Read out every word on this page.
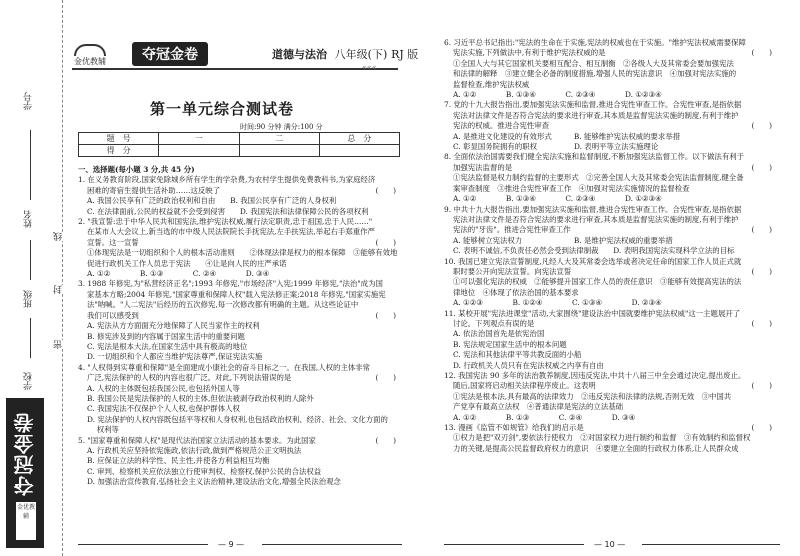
学号
姓名
班级
学校
线
封
密
夺冠金卷
金优教辅
金优教辅	夺冠金卷	道德与法治 八年级(下) RJ 版
«««
第一单元综合测试卷
时间:90 分钟 满分:100 分
题　号	一	二	总　分
得　分			

一、选择题(每小题 3 分,共 45 分)

1. 在义务教育阶段,国家免除城乡所有学生的学杂费,为农村学生提供免费教科书,为家庭经济

困难的寄宿生提供生活补助……这反映了	(　　)

A. 我国公民享有广泛的政治权利和自由　　B. 我国公民享有广泛的人身权利

C. 在法律面前,公民的权益就不会受到侵害　　D. 我国宪法和法律保障公民的各项权利

2. "我宣誓:忠于中华人民共和国宪法,维护宪法权威,履行法定职责,忠于祖国,忠于人民……"

在某市人大会议上,新当选的市中级人民法院院长手抚宪法,左手扶宪法,举起右手郑重作严

宣誓。这一宣誓	(　　)

①体现宪法是一切组织和个人的根本活动准则　　②体现法律是权力的根本保障　③能够有效地

促进行政机关工作人员忠于宪法　　④让是向人民的庄严承诺

A. ①②　　　　B. ①③　　　　C. ②④　　　　D. ③④

3. 1988 年修宪,为"私营经济正名";1993 年修宪,"市场经济"入宪;1999 年修宪,"法治"成为国

家基本方略;2004 年修宪,"国家尊重和保障人权"载入宪法修正案;2018 年修宪,"国家实施宪

法"呐喊。"人二宪法"后经历的五次修宪,每一次修改都有明确的主题。从这些论证中

我们可以感受到	(　　)

A. 宪法从方方面面充分地保障了人民当家作主的权利

B. 修宪涉及到的内容属于国家生活中的重要问题

C. 宪法是根本大法,在国家生活中具有极高的地位

D. 一切组织和个人都应当维护宪法尊严,保证宪法实施

4. "人权得到实尊重和保障"是全面建成小康社会的奋斗目标之一。在我国,人权的主体非常

广泛,宪法保护的人权的内容也很广泛。对此,下列说法错误的是	(　　)

A. 人权的主体既包括我国公民,也包括外国人等

B. 我国公民是宪法保护的人权的主体,但依法被剥夺政治权利的人除外

C. 我国宪法不仅保护个人人权,也保护群体人权

D. 宪法保护的人权内容既包括平等权和人身权利,也包括政治权利、经济、社会、文化方面的

　 权利等

5. "国家尊重和保障人权"是现代法治国家立法活动的基本要求。为此国家	(　　)

A. 行政机关应坚持依宪施政,依法行政,做到严格规范公正文明执法

B. 应保证立法的科学性、民主性,并使各方利益相互均衡

C. 审判、检察机关应依法独立行使审判权、检察权,保护公民的合法权益

D. 加强法治宣传教育,弘扬社会主义法治精神,建设法治文化,增强全民法治观念

6. 习近平总书记指出:"宪法的生命在于实施,宪法的权威也在于实施。"维护宪法权威需要保障

宪法实施,下列做法中,有利于维护宪法权威的是	(　　)

①全国人大与其它国家机关要相互配合、相互制衡　②各级人大及其常委会要加强宪法

和法律的解释　③建立健全必备的制度措施,增强人民的宪法意识　④加强对宪法实施的

监督检查,维护宪法权威

A. ①②　　　　B. ①③④　　　　C. ②③④　　　　D. ①②③④

7. 党的十九大报告指出,要加强宪法实施和监督,推进合宪性审查工作。合宪性审查,是指依据

宪法对法律文件是否符合宪法的要求进行审查,其本质是监督宪法实施的制度,有利于维护

宪法的权威。推进合宪性审查	(　　)

A. 是推进文化建设的有效形式　　　B. 能够维护宪法权威的要求举措

C. 彰显国务院拥有的职权　　　　　D. 表明平等立法实施理论

8. 全面依法治国需要我们健全宪法实施和监督制度,不断加强宪法监督工作。以下做法有利于

加强宪法监督的是	(　　)

①宪法监督是权力制约监督的主要形式　②完善全国人大及其常委会宪法监督制度,健全备

案审查制度　③推进合宪性审查工作　④加强对宪法实施情况的监督检查

A. ①②　　　　B. ①③④　　　　C. ②③④　　　　D. ①②③④

9. 中共十九大报告指出,要加强宪法实施和监督,推进合宪性审查工作。合宪性审查,是指依据

宪法对法律文件是否符合宪法的要求进行审查,其本质是监督宪法实施的制度,有利于维护

宪法的"牙齿"。推进合宪性审查工作	(　　)

A. 能够树立宪法权力　　　　　　　B. 是维护宪法权威的重要举措

C. 表明不诚信,不负责任必然会受到法律制裁　　D. 表明我国宪法实现科学立法的目标

10. 我国已建立宪法宣誓制度,凡经人大及其常委会选举或者决定任命的国家工作人员正式就

职时要公开向宪法宣誓。向宪法宣誓	(　　)

①可以强化宪法的权威　②能够提升国家工作人员的责任意识　③能够有效提高宪法的法

律地位　④体现了依法治国的基本要求

A. ①②③　　　　B. ①②④　　　　C. ①③④　　　　D. ②③④

11. 某校开展"宪法进课堂"活动,大家围绕"建设法治中国就要维护宪法权威"这一主题展开了

讨论。下列观点有误的是	(　　)

A. 依法治国首先是依宪治国

B. 宪法规定国家生活中的根本问题

C. 宪法和其他法律平等共教反面的小船

D. 行政机关人员只有在宪法权威之内享有自由

12. 我国宪法 90 多年的法治教养制度,因违反宪法,中共十八届三中全会通过决定,提出废止。

随后,国家将启动相关法律程序废止。这表明	(　　)

①宪法是根本法,具有最高的法律效力　②违反宪法和法律的法规,否则无效　③中国共

产党享有最高立法权　④普通法律是宪法的立法基础

A. ①②　　　　B. ①③　　　　C. ②④　　　　D. ③④

13. 漫画《监管不如规管》给我们的启示是	(　　)

①权力是把"双刃剑",要依法行使权力　②对国家权力进行制约和监督　③有效制约和监督权

力的关键,是提高公民监督政府权力的意识　④要建立全面的行政权力体系,让人民群众成

— 9 —	— 10 —
